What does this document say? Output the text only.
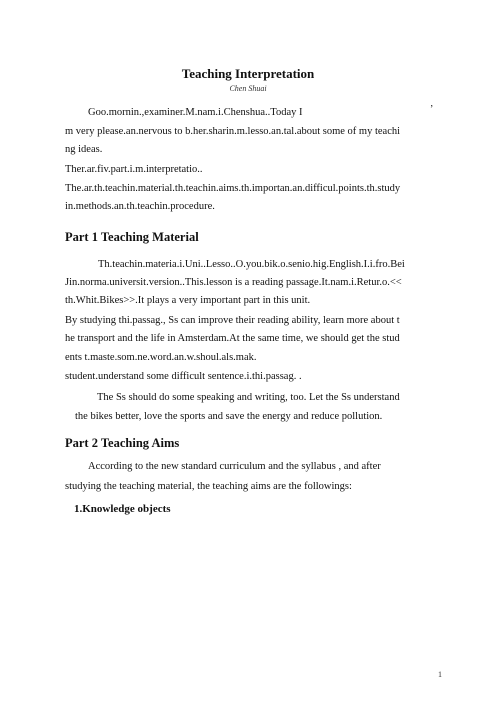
Teaching Interpretation
Chen Shuai
’
Goo.mornin.,examiner.M.nam.i.Chenshua..Today I
m very please.an.nervous to b.her.sharin.m.lesso.an.tal.about some of my teachi
ng ideas.
Ther.ar.fiv.part.i.m.interpretatio..
The.ar.th.teachin.material.th.teachin.aims.th.importan.an.difficul.points.th.study
in.methods.an.th.teachin.procedure.
Part 1 Teaching Material
Th.teachin.materia.i.Uni..Lesso..O.you.bik.o.senio.hig.English.I.i.fro.Bei
Jin.norma.universit.version..This.lesson is a reading passage.It.nam.i.Retur.o.<<
th.Whit.Bikes>>.It plays a very important part in this unit.
By studying thi.passag., Ss can improve their reading ability, learn more about t
he transport and the life in Amsterdam.At the same time, we should get the stud
ents t.maste.som.ne.word.an.w.shoul.als.mak.
student.understand some difficult sentence.i.thi.passag. .
The Ss should do some speaking and writing, too. Let the Ss understand
the bikes better, love the sports and save the energy and reduce pollution.
Part 2 Teaching Aims
According to the new standard curriculum and the syllabus , and after
studying the teaching material, the teaching aims are the followings:
1.Knowledge objects
1
